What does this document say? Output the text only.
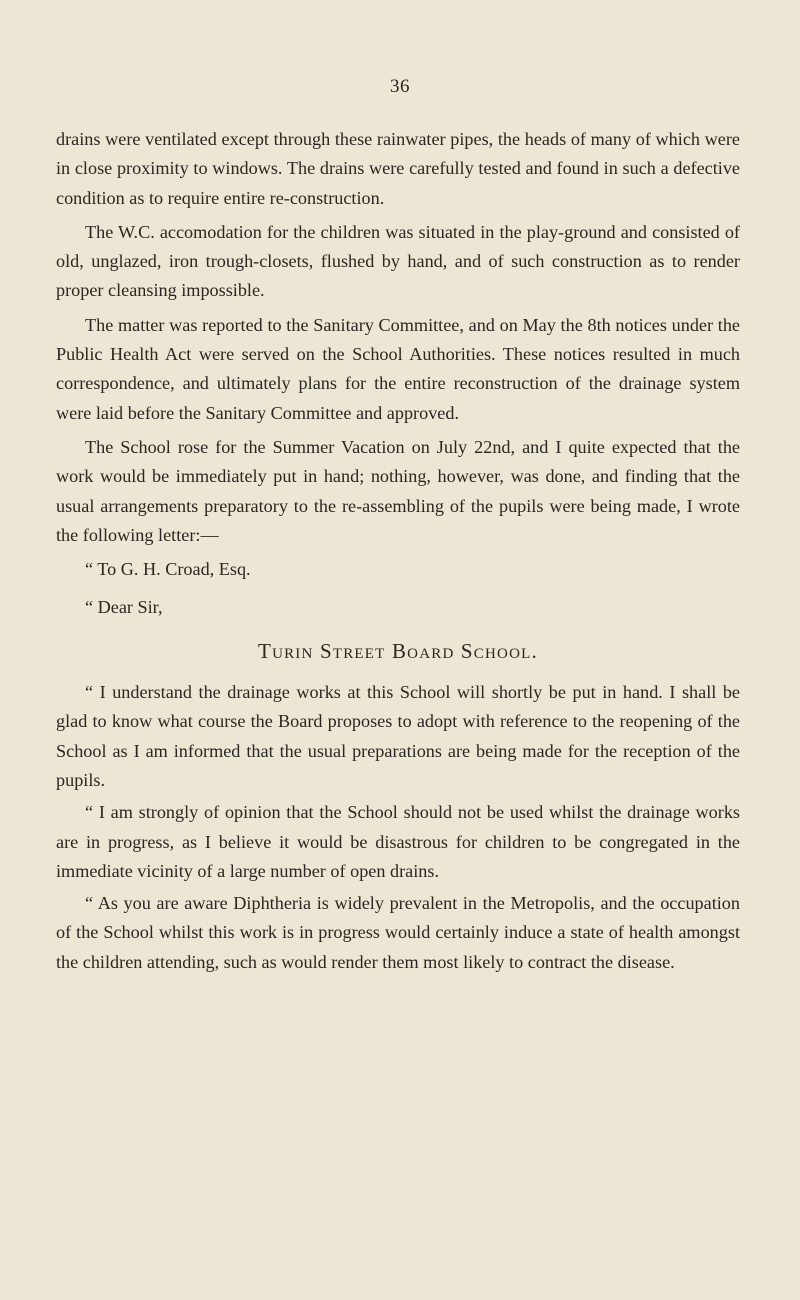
36

drains were ventilated except through these rainwater pipes, the heads of many of which were in close proximity to windows. The drains were carefully tested and found in such a defective condition as to require entire re-construction.

The W.C. accomodation for the children was situated in the play-ground and consisted of old, unglazed, iron trough-closets, flushed by hand, and of such construction as to render proper cleansing impossible.

The matter was reported to the Sanitary Committee, and on May the 8th notices under the Public Health Act were served on the School Authorities. These notices resulted in much correspondence, and ultimately plans for the entire reconstruction of the drainage system were laid before the Sanitary Committee and approved.

The School rose for the Summer Vacation on July 22nd, and I quite expected that the work would be immediately put in hand; nothing, however, was done, and finding that the usual arrangements preparatory to the re-assembling of the pupils were being made, I wrote the following letter:—

“ To G. H. Croad, Esq.

“ Dear Sir,

Turin Street Board School.

“ I understand the drainage works at this School will shortly be put in hand. I shall be glad to know what course the Board proposes to adopt with reference to the reopening of the School as I am informed that the usual preparations are being made for the reception of the pupils.

“ I am strongly of opinion that the School should not be used whilst the drainage works are in progress, as I believe it would be disastrous for children to be congregated in the immediate vicinity of a large number of open drains.

“ As you are aware Diphtheria is widely prevalent in the Metropolis, and the occupation of the School whilst this work is in progress would certainly induce a state of health amongst the children attending, such as would render them most likely to contract the disease.
